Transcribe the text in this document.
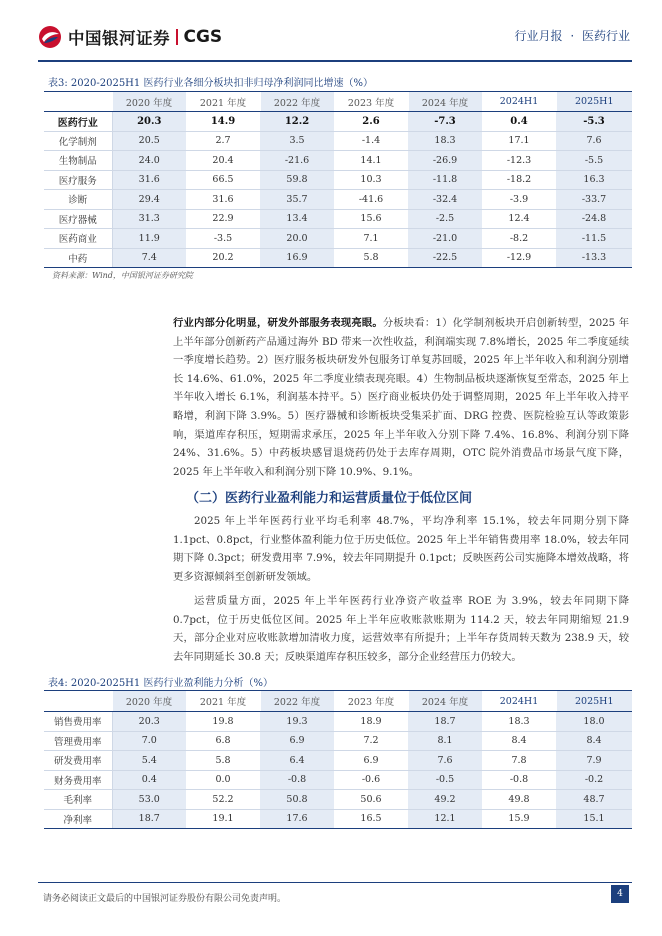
中国银河证券 CGS	行业月报 · 医药行业
表3: 2020-2025H1 医药行业各细分板块扣非归母净利润同比增速（%）
	2020 年度	2021 年度	2022 年度	2023 年度	2024 年度	2024H1	2025H1
医药行业	20.3	14.9	12.2	2.6	-7.3	0.4	-5.3
化学制剂	20.5	2.7	3.5	-1.4	18.3	17.1	7.6
生物制品	24.0	20.4	-21.6	14.1	-26.9	-12.3	-5.5
医疗服务	31.6	66.5	59.8	10.3	-11.8	-18.2	16.3
诊断	29.4	31.6	35.7	-41.6	-32.4	-3.9	-33.7
医疗器械	31.3	22.9	13.4	15.6	-2.5	12.4	-24.8
医药商业	11.9	-3.5	20.0	7.1	-21.0	-8.2	-11.5
中药	7.4	20.2	16.9	5.8	-22.5	-12.9	-13.3
资料来源：Wind，中国银河证券研究院

行业内部分化明显，研发外部服务表现亮眼。分板块看：1）化学制剂板块开启创新转型，2025 年上半年部分创新药产品通过海外 BD 带来一次性收益，利润端实现 7.8%增长，2025 年二季度延续一季度增长趋势。2）医疗服务板块研发外包服务订单复苏回暖，2025 年上半年收入和利润分别增长 14.6%、61.0%，2025 年二季度业绩表现亮眼。4）生物制品板块逐渐恢复至常态，2025 年上半年收入增长 6.1%，利润基本持平。5）医疗商业板块仍处于调整周期，2025 年上半年收入持平略增，利润下降 3.9%。5）医疗器械和诊断板块受集采扩面、DRG 控费、医院检验互认等政策影响，渠道库存积压，短期需求承压，2025 年上半年收入分别下降 7.4%、16.8%、利润分别下降 24%、31.6%。5）中药板块感冒退烧药仍处于去库存周期，OTC 院外消费品市场景气度下降，2025 年上半年收入和利润分别下降 10.9%、9.1%。

（二）医药行业盈利能力和运营质量位于低位区间

2025 年上半年医药行业平均毛利率 48.7%，平均净利率 15.1%，较去年同期分别下降 1.1pct、0.8pct，行业整体盈利能力位于历史低位。2025 年上半年销售费用率 18.0%，较去年同期下降 0.3pct；研发费用率 7.9%，较去年同期提升 0.1pct；反映医药公司实施降本增效战略，将更多资源倾斜至创新研发领域。

运营质量方面，2025 年上半年医药行业净资产收益率 ROE 为 3.9%，较去年同期下降 0.7pct，位于历史低位区间。2025 年上半年应收账款账期为 114.2 天，较去年同期缩短 21.9 天，部分企业对应收账款增加清收力度，运营效率有所提升；上半年存货周转天数为 238.9 天，较去年同期延长 30.8 天；反映渠道库存积压较多，部分企业经营压力仍较大。

表4: 2020-2025H1 医药行业盈利能力分析（%）
	2020 年度	2021 年度	2022 年度	2023 年度	2024 年度	2024H1	2025H1
销售费用率	20.3	19.8	19.3	18.9	18.7	18.3	18.0
管理费用率	7.0	6.8	6.9	7.2	8.1	8.4	8.4
研发费用率	5.4	5.8	6.4	6.9	7.6	7.8	7.9
财务费用率	0.4	0.0	-0.8	-0.6	-0.5	-0.8	-0.2
毛利率	53.0	52.2	50.8	50.6	49.2	49.8	48.7
净利率	18.7	19.1	17.6	16.5	12.1	15.9	15.1
请务必阅读正文最后的中国银河证券股份有限公司免责声明。	4
